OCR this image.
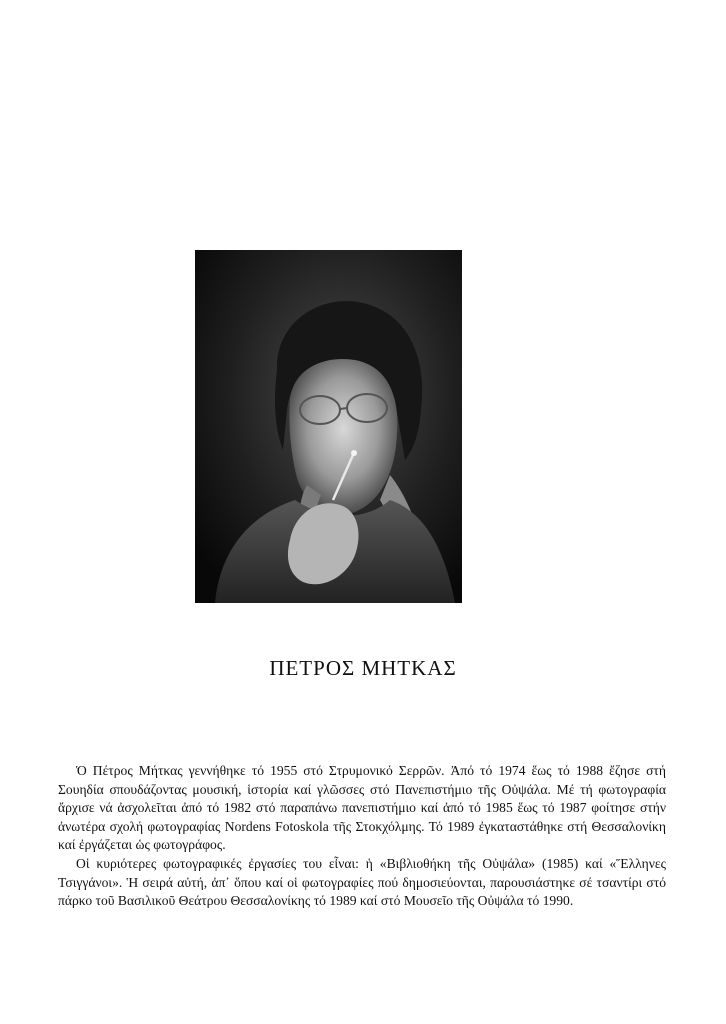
ΠΕΤΡΟΣ ΜΗΤΚΑΣ

Ὁ Πέτρος Μήτκας γεννήθηκε τό 1955 στό Στρυμονικό Σερρῶν. Ἀπό τό 1974 ἕως τό 1988 ἔζησε στή Σουηδία σπουδάζοντας μουσική, ἱστορία καί γλῶσσες στό Πανεπιστήμιο τῆς Οὐψάλα. Μέ τή φωτογραφία ἄρχισε νά ἀσχολεῖται ἀπό τό 1982 στό παραπάνω πανεπιστήμιο καί ἀπό τό 1985 ἕως τό 1987 φοίτησε στήν ἀνωτέρα σχολή φωτογραφίας Nordens Fotoskola τῆς Στοκχόλμης. Τό 1989 ἐγκαταστάθηκε στή Θεσσαλονίκη καί ἐργάζεται ὡς φωτογράφος.

Οἱ κυριότερες φωτογραφικές ἐργασίες του εἶναι: ἡ «Βιβλιοθήκη τῆς Οὐψάλα» (1985) καί «Ἕλληνες Τσιγγάνοι». Ἡ σειρά αὐτή, ἀπ᾿ ὅπου καί οἱ φωτογραφίες πού δημοσιεύονται, παρουσιάστηκε σέ τσαντίρι στό πάρκο τοῦ Βασιλικοῦ Θεάτρου Θεσσαλονίκης τό 1989 καί στό Μουσεῖο τῆς Οὐψάλα τό 1990.
